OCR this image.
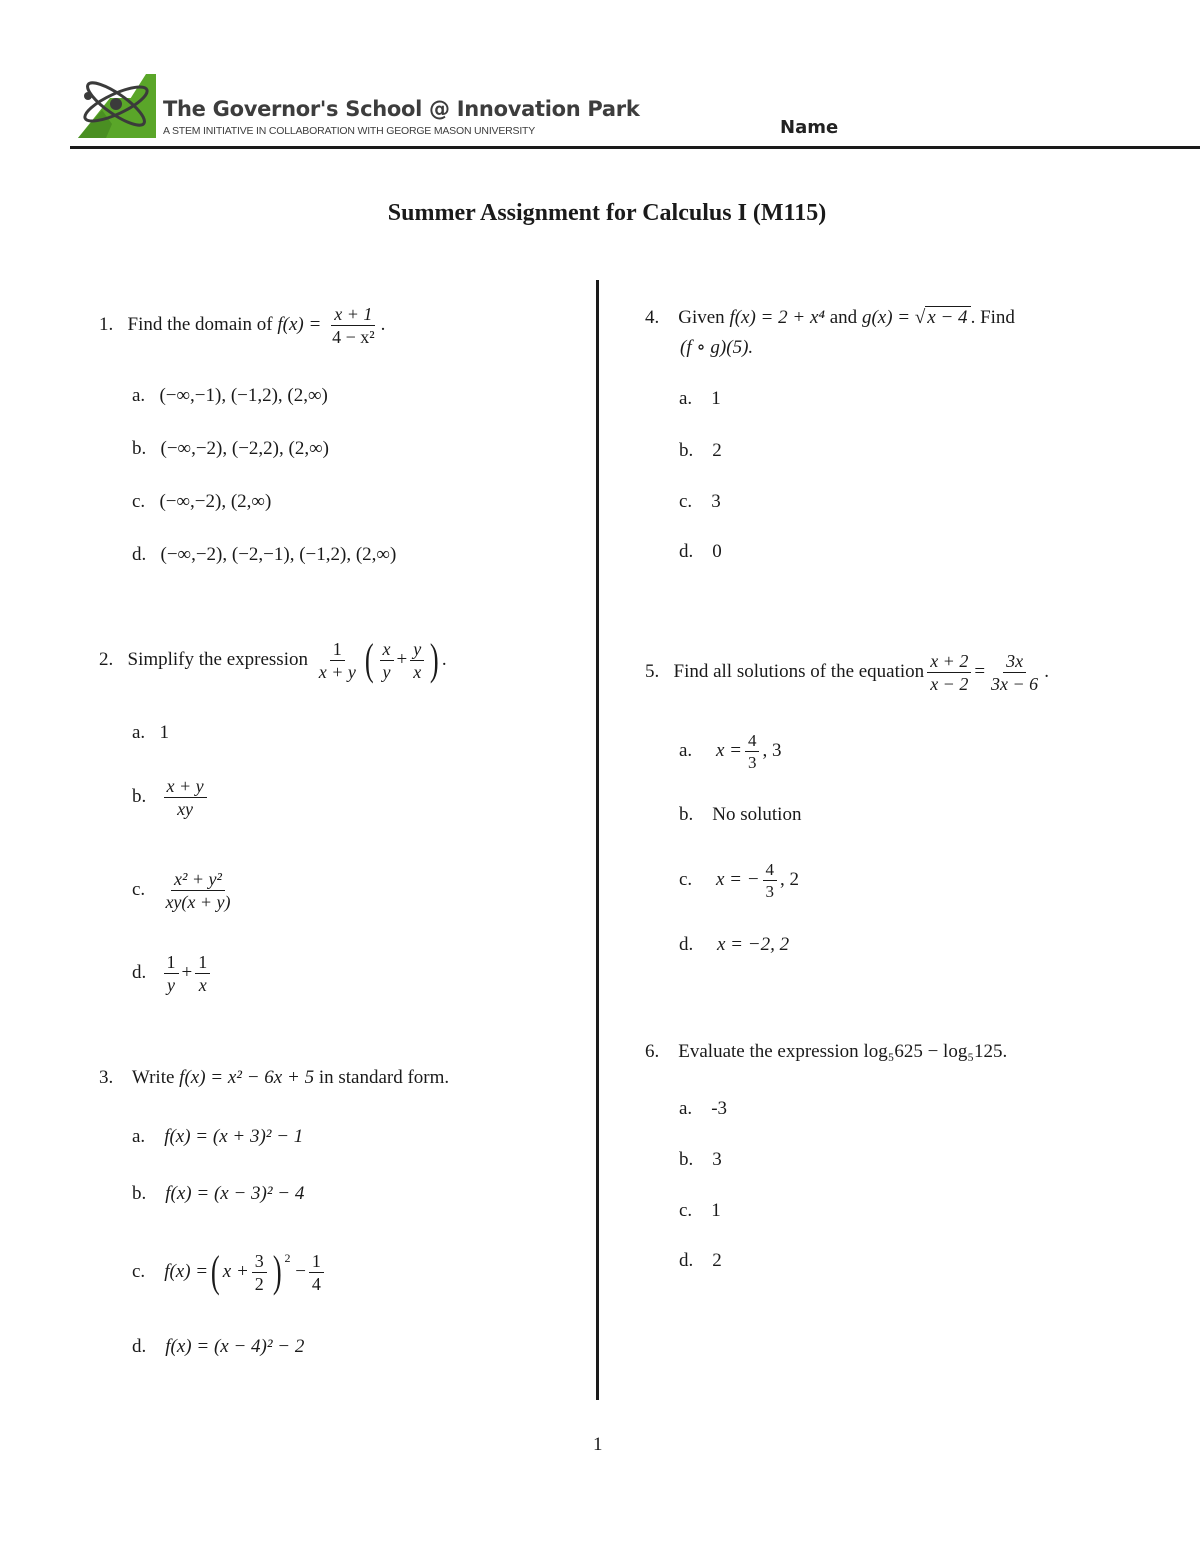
The Governor's School @ Innovation Park
A STEM INITIATIVE IN COLLABORATION WITH GEORGE MASON UNIVERSITY	Name
Summer Assignment for Calculus I (M115)
1. Find the domain of $f(x) = \frac{x + 1}{\text{4 − x²}}$ .
a. (−∞,−1), (−1,2), (2,∞)
b. (−∞,−2), (−2,2), (2,∞)
c. (−∞,−2), (2,∞)
d. (−∞,−2), (−2,−1), (−1,2), (2,∞)
2.
Simplify the expression
$\frac{1}{x + y}$ ( $\frac{x}{y} + \frac{y}{x}$ ) .
a. 1
b.
$\frac{x + y}{xy}$
c.
$\frac{\text{x² + y²}}{xy(x + y)}$
d.
$\frac{1}{y} + \frac{1}{x}$
3. Write f(x) = x² − 6x + 5 in standard form.
a. f(x) = (x + 3)² − 1
b. f(x) = (x − 3)² − 4
c.
f(x) = ( $x + \frac{3}{2}$ ) 2

− $\frac{1}{4}$
d. f(x) = (x − 4)² − 2
4. Given f(x) = 2 + x⁴ and g(x) = √ x − 4 . Find
(f ∘ g)(5).
a. 1
b. 2
c. 3
d. 0
5.
Find all solutions of the equation $\frac{x + 2}{x - 2} = \frac{3x}{3x - 6}$ .
a.
$x = \frac{4}{3}$ , 3
b. No solution
c.
x = − $\frac{4}{3}$ , 2
d. x = −2, 2
6. Evaluate the expression log₅625 − log₅125.
a. -3
b. 3
c. 1
d. 2
1
